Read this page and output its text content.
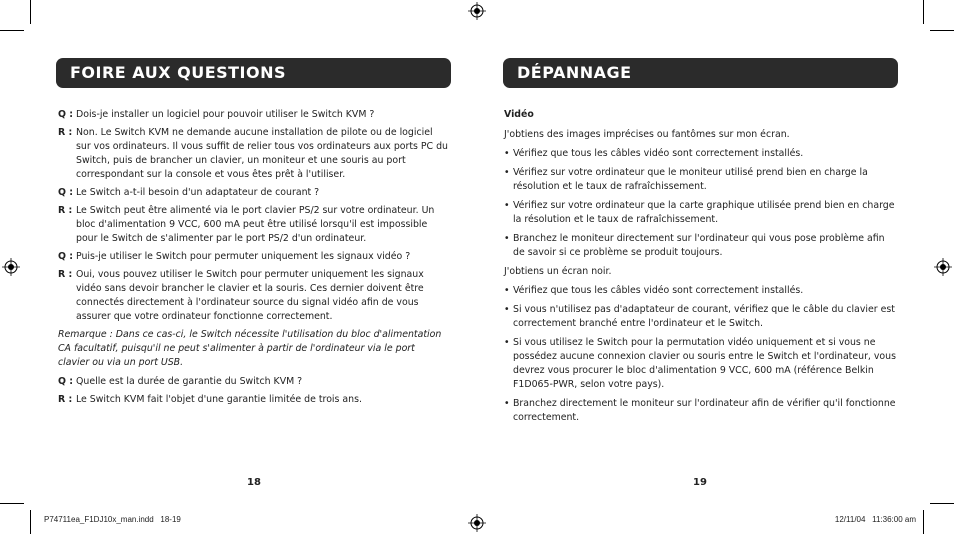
FOIRE AUX QUESTIONS
Q : Dois-je installer un logiciel pour pouvoir utiliser le Switch KVM ?
R : Non. Le Switch KVM ne demande aucune installation de pilote ou de logiciel sur vos ordinateurs. Il vous suffit de relier tous vos ordinateurs aux ports PC du Switch, puis de brancher un clavier, un moniteur et une souris au port correspondant sur la console et vous êtes prêt à l'utiliser.
Q : Le Switch a-t-il besoin d'un adaptateur de courant ?
R : Le Switch peut être alimenté via le port clavier PS/2 sur votre ordinateur. Un bloc d'alimentation 9 VCC, 600 mA peut être utilisé lorsqu'il est impossible pour le Switch de s'alimenter par le port PS/2 d'un ordinateur.
Q : Puis-je utiliser le Switch pour permuter uniquement les signaux vidéo ?
R : Oui, vous pouvez utiliser le Switch pour permuter uniquement les signaux vidéo sans devoir brancher le clavier et la souris. Ces dernier doivent être connectés directement à l'ordinateur source du signal vidéo afin de vous assurer que votre ordinateur fonctionne correctement.
Remarque : Dans ce cas-ci, le Switch nécessite l'utilisation du bloc d'alimentation CA facultatif, puisqu'il ne peut s'alimenter à partir de l'ordinateur via le port clavier ou via un port USB.
Q : Quelle est la durée de garantie du Switch KVM ?
R : Le Switch KVM fait l'objet d'une garantie limitée de trois ans.
18
DÉPANNAGE
Vidéo
J'obtiens des images imprécises ou fantômes sur mon écran.
• Vérifiez que tous les câbles vidéo sont correctement installés.
• Vérifiez sur votre ordinateur que le moniteur utilisé prend bien en charge la résolution et le taux de rafraîchissement.
• Vérifiez sur votre ordinateur que la carte graphique utilisée prend bien en charge la résolution et le taux de rafraîchissement.
• Branchez le moniteur directement sur l'ordinateur qui vous pose problème afin de savoir si ce problème se produit toujours.
J'obtiens un écran noir.
• Vérifiez que tous les câbles vidéo sont correctement installés.
• Si vous n'utilisez pas d'adaptateur de courant, vérifiez que le câble du clavier est correctement branché entre l'ordinateur et le Switch.
• Si vous utilisez le Switch pour la permutation vidéo uniquement et si vous ne possédez aucune connexion clavier ou souris entre le Switch et l'ordinateur, vous devrez vous procurer le bloc d'alimentation 9 VCC, 600 mA (référence Belkin F1D065-PWR, selon votre pays).
• Branchez directement le moniteur sur l'ordinateur afin de vérifier qu'il fonctionne correctement.
19
P74711ea_F1DJ10x_man.indd   18-19	12/11/04   11:36:00 am
